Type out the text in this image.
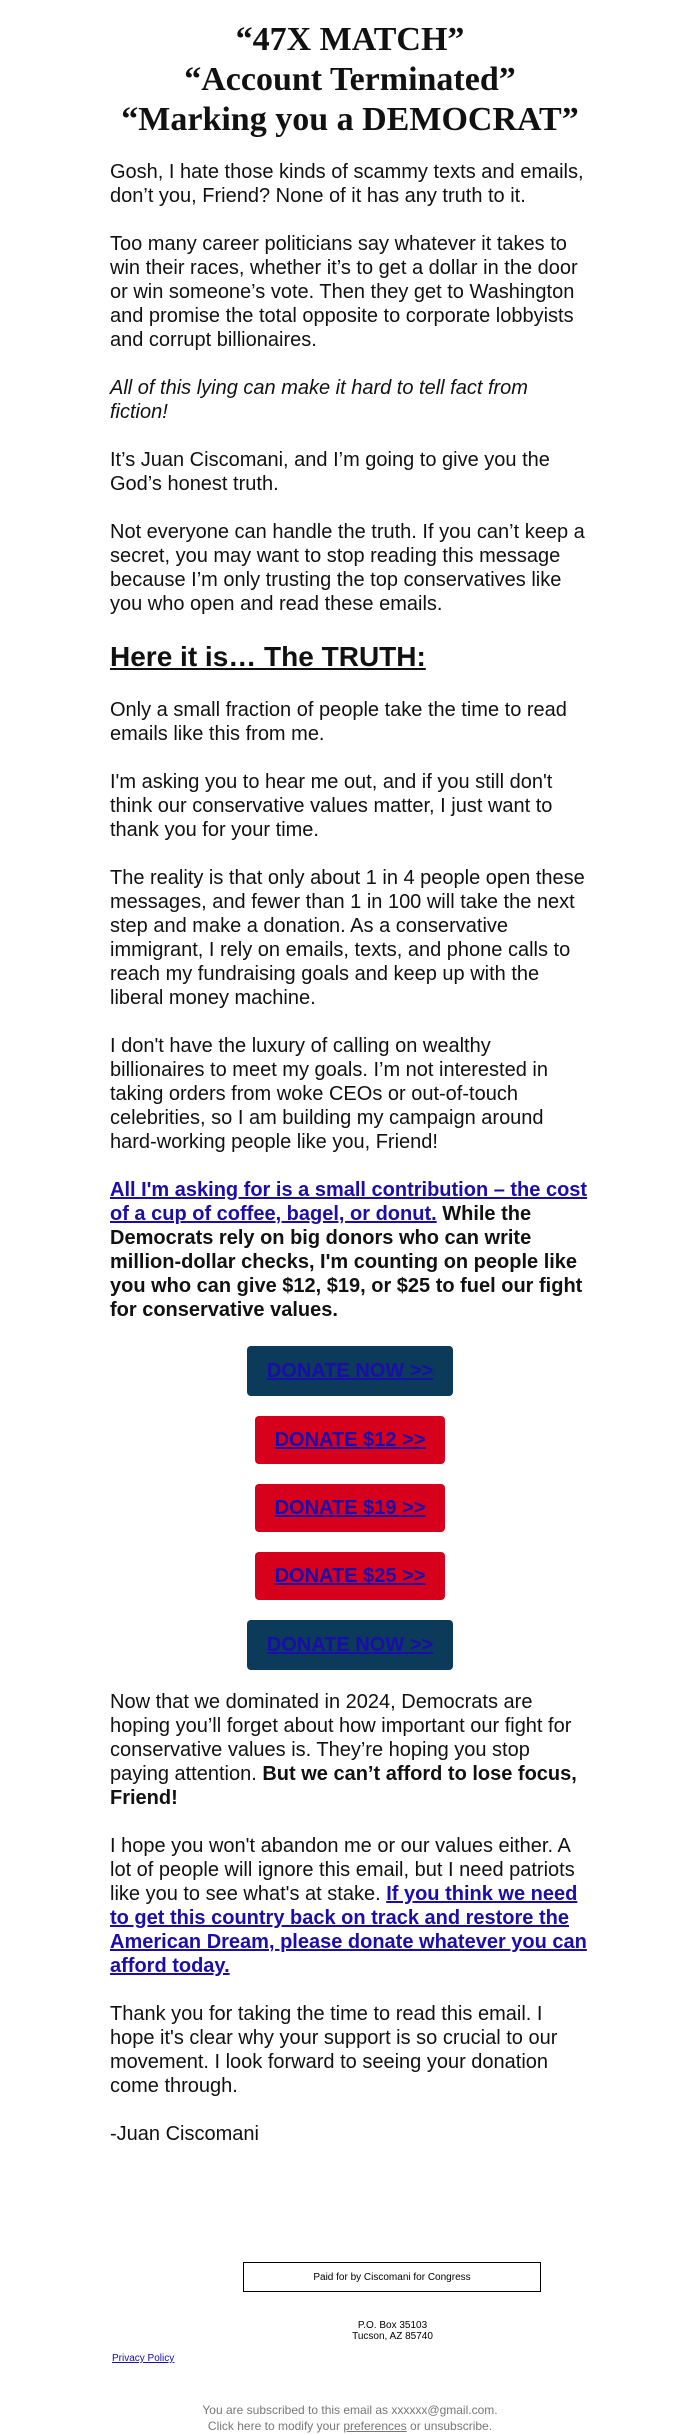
“47X MATCH”
“Account Terminated”
“Marking you a DEMOCRAT”

Gosh, I hate those kinds of scammy texts and emails, don’t you, Friend? None of it has any truth to it.

Too many career politicians say whatever it takes to win their races, whether it’s to get a dollar in the door or win someone’s vote. Then they get to Washington and promise the total opposite to corporate lobbyists and corrupt billionaires.

All of this lying can make it hard to tell fact from fiction!

It’s Juan Ciscomani, and I’m going to give you the God’s honest truth.

Not everyone can handle the truth. If you can’t keep a secret, you may want to stop reading this message because I’m only trusting the top conservatives like you who open and read these emails.

Here it is… The TRUTH:

Only a small fraction of people take the time to read emails like this from me.

I'm asking you to hear me out, and if you still don't think our conservative values matter, I just want to thank you for your time.

The reality is that only about 1 in 4 people open these messages, and fewer than 1 in 100 will take the next step and make a donation. As a conservative immigrant, I rely on emails, texts, and phone calls to reach my fundraising goals and keep up with the liberal money machine.

I don't have the luxury of calling on wealthy billionaires to meet my goals. I’m not interested in taking orders from woke CEOs or out-of-touch celebrities, so I am building my campaign around hard-working people like you, Friend!

All I'm asking for is a small contribution – the cost of a cup of coffee, bagel, or donut. While the Democrats rely on big donors who can write million-dollar checks, I'm counting on people like you who can give $12, $19, or $25 to fuel our fight for conservative values.

DONATE NOW >>
DONATE $12 >>
DONATE $19 >>
DONATE $25 >>
DONATE NOW >>

Now that we dominated in 2024, Democrats are hoping you’ll forget about how important our fight for conservative values is. They’re hoping you stop paying attention. But we can’t afford to lose focus, Friend!

I hope you won't abandon me or our values either. A lot of people will ignore this email, but I need patriots like you to see what's at stake. If you think we need to get this country back on track and restore the American Dream, please donate whatever you can afford today.

Thank you for taking the time to read this email. I hope it's clear why your support is so crucial to our movement. I look forward to seeing your donation come through.

-Juan Ciscomani

Paid for by Ciscomani for Congress
P.O. Box 35103
Tucson, AZ 85740
Privacy Policy
You are subscribed to this email as xxxxxx@gmail.com.
Click here to modify your preferences or unsubscribe.
